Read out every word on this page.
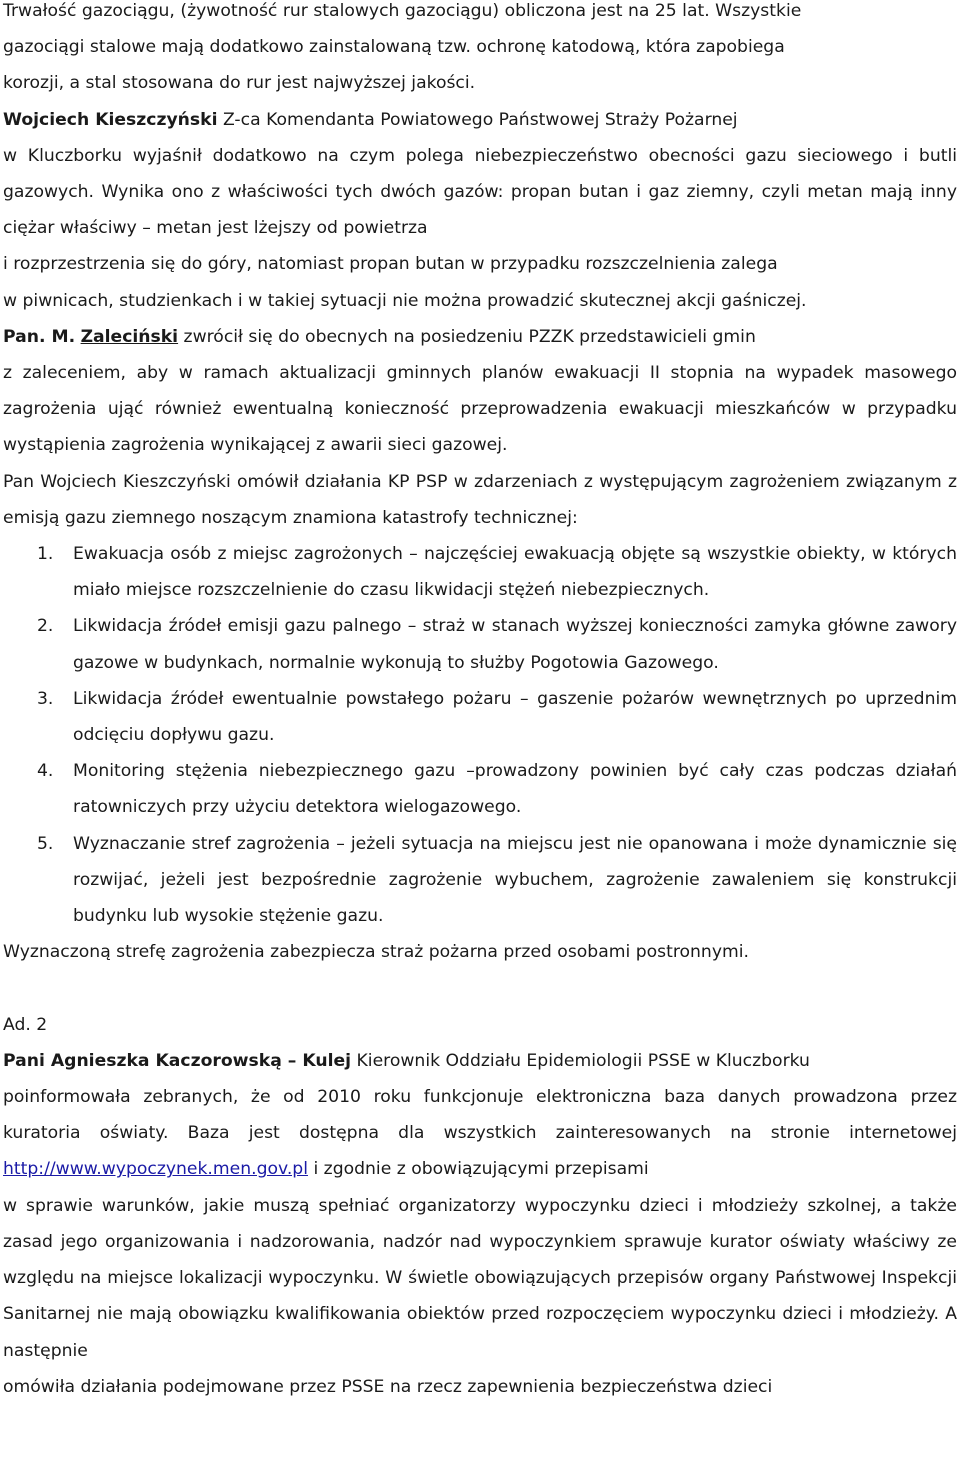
Trwałość gazociągu, (żywotność rur stalowych gazociągu) obliczona jest na 25 lat. Wszystkie

gazociągi stalowe mają dodatkowo zainstalowaną tzw. ochronę katodową, która zapobiega

korozji, a stal stosowana do rur jest najwyższej jakości.

Wojciech Kieszczyński Z-ca Komendanta Powiatowego Państwowej Straży Pożarnej

w Kluczborku wyjaśnił dodatkowo na czym polega niebezpieczeństwo obecności gazu sieciowego i butli gazowych. Wynika ono z właściwości tych dwóch gazów: propan butan i gaz ziemny, czyli metan mają inny ciężar właściwy – metan jest lżejszy od powietrza

i rozprzestrzenia się do góry, natomiast propan butan w przypadku rozszczelnienia zalega

w piwnicach, studzienkach i w takiej sytuacji nie można prowadzić skutecznej akcji gaśniczej.

Pan. M. Zaleciński zwrócił się do obecnych na posiedzeniu PZZK przedstawicieli gmin

z zaleceniem, aby w ramach aktualizacji gminnych planów ewakuacji II stopnia na wypadek masowego zagrożenia ująć również ewentualną konieczność przeprowadzenia ewakuacji mieszkańców w przypadku wystąpienia zagrożenia wynikającej z awarii sieci gazowej.

Pan Wojciech Kieszczyński omówił działania KP PSP w zdarzeniach z występującym zagrożeniem związanym z emisją gazu ziemnego noszącym znamiona katastrofy technicznej:

1. Ewakuacja osób z miejsc zagrożonych – najczęściej ewakuacją objęte są wszystkie obiekty, w których miało miejsce rozszczelnienie do czasu likwidacji stężeń niebezpiecznych.
2. Likwidacja źródeł emisji gazu palnego – straż w stanach wyższej konieczności zamyka główne zawory gazowe w budynkach, normalnie wykonują to służby Pogotowia Gazowego.
3. Likwidacja źródeł ewentualnie powstałego pożaru – gaszenie pożarów wewnętrznych po uprzednim odcięciu dopływu gazu.
4. Monitoring stężenia niebezpiecznego gazu –prowadzony powinien być cały czas podczas działań ratowniczych przy użyciu detektora wielogazowego.
5. Wyznaczanie stref zagrożenia – jeżeli sytuacja na miejscu jest nie opanowana i może dynamicznie się rozwijać, jeżeli jest bezpośrednie zagrożenie wybuchem, zagrożenie zawaleniem się konstrukcji budynku lub wysokie stężenie gazu.

Wyznaczoną strefę zagrożenia zabezpiecza straż pożarna przed osobami postronnymi.

Ad. 2

Pani Agnieszka Kaczorowską – Kulej Kierownik Oddziału Epidemiologii PSSE w Kluczborku

poinformowała zebranych, że od 2010 roku funkcjonuje elektroniczna baza danych prowadzona przez kuratoria oświaty. Baza jest dostępna dla wszystkich zainteresowanych na stronie internetowej http://www.wypoczynek.men.gov.pl i zgodnie z obowiązującymi przepisami

w sprawie warunków, jakie muszą spełniać organizatorzy wypoczynku dzieci i młodzieży szkolnej, a także zasad jego organizowania i nadzorowania, nadzór nad wypoczynkiem sprawuje kurator oświaty właściwy ze względu na miejsce lokalizacji wypoczynku. W świetle obowiązujących przepisów organy Państwowej Inspekcji Sanitarnej nie mają obowiązku kwalifikowania obiektów przed rozpoczęciem wypoczynku dzieci i młodzieży. A następnie

omówiła działania podejmowane przez PSSE na rzecz zapewnienia bezpieczeństwa dzieci
